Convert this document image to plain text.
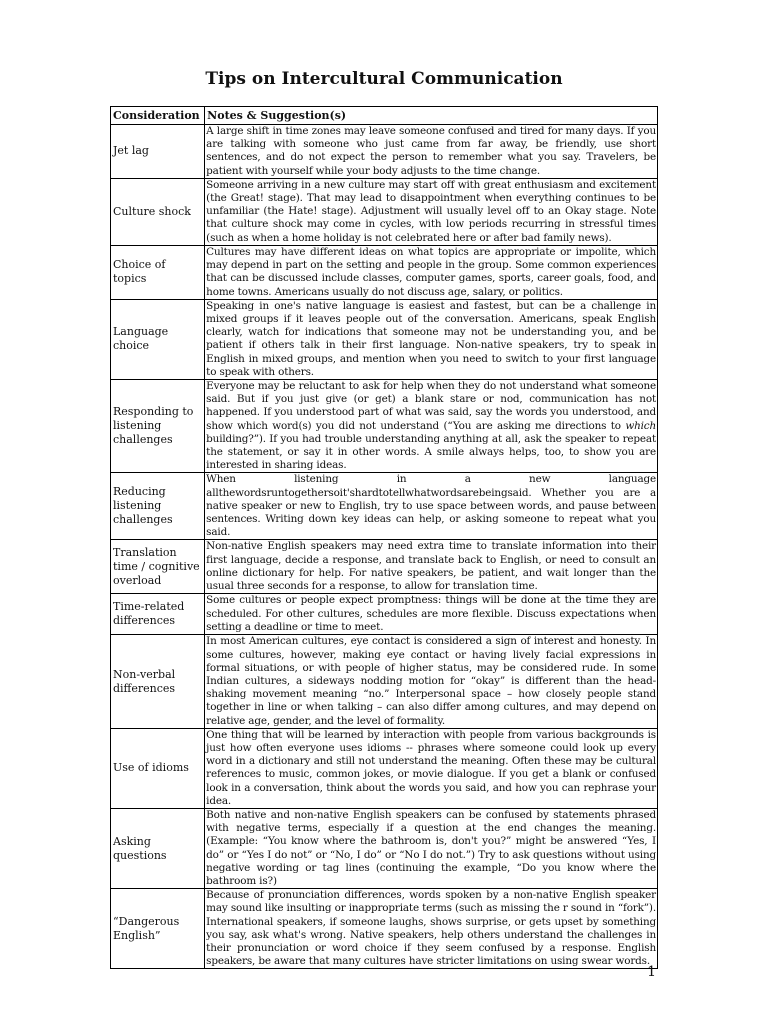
Tips on Intercultural Communication
Consideration	Notes & Suggestion(s)
Jet lag	A large shift in time zones may leave someone confused and tired for many days. If you are talking with someone who just came from far away, be friendly, use short sentences, and do not expect the person to remember what you say. Travelers, be patient with yourself while your body adjusts to the time change.
Culture shock	Someone arriving in a new culture may start off with great enthusiasm and excitement (the Great! stage). That may lead to disappointment when everything continues to be unfamiliar (the Hate! stage). Adjustment will usually level off to an Okay stage. Note that culture shock may come in cycles, with low periods recurring in stressful times (such as when a home holiday is not celebrated here or after bad family news).
Choice of topics	Cultures may have different ideas on what topics are appropriate or impolite, which may depend in part on the setting and people in the group. Some common experiences that can be discussed include classes, computer games, sports, career goals, food, and home towns. Americans usually do not discuss age, salary, or politics.
Language choice	Speaking in one's native language is easiest and fastest, but can be a challenge in mixed groups if it leaves people out of the conversation. Americans, speak English clearly, watch for indications that someone may not be understanding you, and be patient if others talk in their first language. Non-native speakers, try to speak in English in mixed groups, and mention when you need to switch to your first language to speak with others.
Responding to listening challenges	Everyone may be reluctant to ask for help when they do not understand what someone said. But if you just give (or get) a blank stare or nod, communication has not happened. If you understood part of what was said, say the words you understood, and show which word(s) you did not understand (“You are asking me directions to which building?”). If you had trouble understanding anything at all, ask the speaker to repeat the statement, or say it in other words. A smile always helps, too, to show you are interested in sharing ideas.
Reducing listening challenges	When listening in a new language allthewordsruntogethersoit'shardtotellwhatwordsarebeingsaid. Whether you are a native speaker or new to English, try to use space between words, and pause between sentences. Writing down key ideas can help, or asking someone to repeat what you said.
Translation time / cognitive overload	Non-native English speakers may need extra time to translate information into their first language, decide a response, and translate back to English, or need to consult an online dictionary for help. For native speakers, be patient, and wait longer than the usual three seconds for a response, to allow for translation time.
Time-related differences	Some cultures or people expect promptness: things will be done at the time they are scheduled. For other cultures, schedules are more flexible. Discuss expectations when setting a deadline or time to meet.
Non-verbal differences	In most American cultures, eye contact is considered a sign of interest and honesty. In some cultures, however, making eye contact or having lively facial expressions in formal situations, or with people of higher status, may be considered rude. In some Indian cultures, a sideways nodding motion for “okay” is different than the head- shaking movement meaning “no.” Interpersonal space – how closely people stand together in line or when talking – can also differ among cultures, and may depend on relative age, gender, and the level of formality.
Use of idioms	One thing that will be learned by interaction with people from various backgrounds is just how often everyone uses idioms -- phrases where someone could look up every word in a dictionary and still not understand the meaning. Often these may be cultural references to music, common jokes, or movie dialogue. If you get a blank or confused look in a conversation, think about the words you said, and how you can rephrase your idea.
Asking questions	Both native and non-native English speakers can be confused by statements phrased with negative terms, especially if a question at the end changes the meaning. (Example: “You know where the bathroom is, don't you?” might be answered “Yes, I do” or “Yes I do not” or “No, I do” or “No I do not.”) Try to ask questions without using negative wording or tag lines (continuing the example, “Do you know where the bathroom is?)
“Dangerous English”	Because of pronunciation differences, words spoken by a non-native English speaker may sound like insulting or inappropriate terms (such as missing the r sound in “fork”). International speakers, if someone laughs, shows surprise, or gets upset by something you say, ask what's wrong. Native speakers, help others understand the challenges in their pronunciation or word choice if they seem confused by a response. English speakers, be aware that many cultures have stricter limitations on using swear words.
1
